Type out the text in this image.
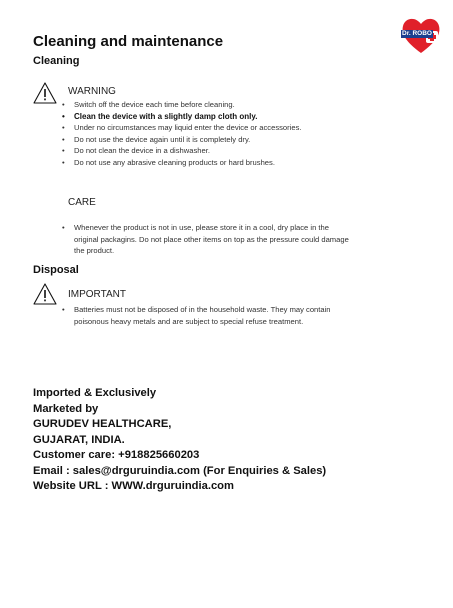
Dr. ROBO
Cleaning and maintenance
Cleaning
WARNING
• Switch off the device each time before cleaning.
• Clean the device with a slightly damp cloth only.
• Under no circumstances may liquid enter the device or accessories.
• Do not use the device again until it is completely dry.
• Do not clean the device in a dishwasher.
• Do not use any abrasive cleaning products or hard brushes.
CARE
• Whenever the product is not in use, please store it in a cool, dry place in the original packagins. Do not place other items on top as the pressure could damage the product.
Disposal
IMPORTANT
• Batteries must not be disposed of in the household waste. They may contain poisonous heavy metals and are subject to special refuse treatment.
Imported & Exclusively
Marketed by
GURUDEV HEALTHCARE,
GUJARAT, INDIA.
Customer care: +918825660203
Email : sales@drguruindia.com (For Enquiries & Sales)
Website URL : WWW.drguruindia.com
